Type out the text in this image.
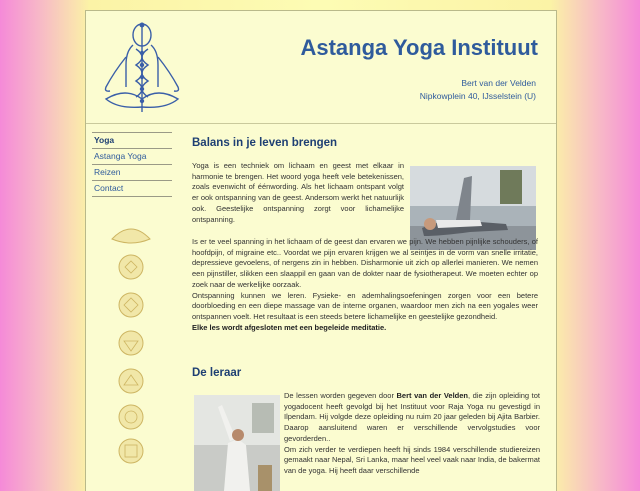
Astanga Yoga Instituut
Bert van der Velden
Nipkowplein 40, IJsselstein (U)
Yoga
Astanga Yoga
Reizen
Contact
Balans in je leven brengen

Yoga is een techniek om lichaam en geest met elkaar in harmonie te brengen. Het woord yoga heeft vele betekenissen, zoals evenwicht of éénwording. Als het lichaam ontspant volgt er ook ontspanning van de geest. Andersom werkt het natuurlijk ook. Geestelijke ontspanning zorgt voor lichamelijke ontspanning.

Is er te veel spanning in het lichaam of de geest dan ervaren we pijn. We hebben pijnlijke schouders, of hoofdpijn, of migraine etc.. Voordat we pijn ervaren krijgen we al seintjes in de vorm van snelle irritatie, depressieve gevoelens, of nergens zin in hebben. Disharmonie uit zich op allerlei manieren. We nemen een pijnstiller, slikken een slaappil en gaan van de dokter naar de fysiotherapeut. We moeten echter op zoek naar de werkelijke oorzaak.

Ontspanning kunnen we leren. Fysieke- en ademhalingsoefeningen zorgen voor een betere doorbloeding en een diepe massage van de interne organen, waardoor men zich na een yogales weer ontspannen voelt. Het resultaat is een steeds betere lichamelijke en geestelijke gezondheid.

Elke les wordt afgesloten met een begeleide meditatie.

De leraar

De lessen worden gegeven door Bert van der Velden, die zijn opleiding tot yogadocent heeft gevolgd bij het Instituut voor Raja Yoga nu gevestigd in Ilpendam. Hij volgde deze opleiding nu ruim 20 jaar geleden bij Ajita Barbier. Daarop aansluitend waren er verschillende vervolgstudies voor gevorderden..

Om zich verder te verdiepen heeft hij sinds 1984 verschillende studiereizen gemaakt naar Nepal, Sri Lanka, maar heel veel vaak naar India, de bakermat van de yoga. Hij heeft daar verschillende
